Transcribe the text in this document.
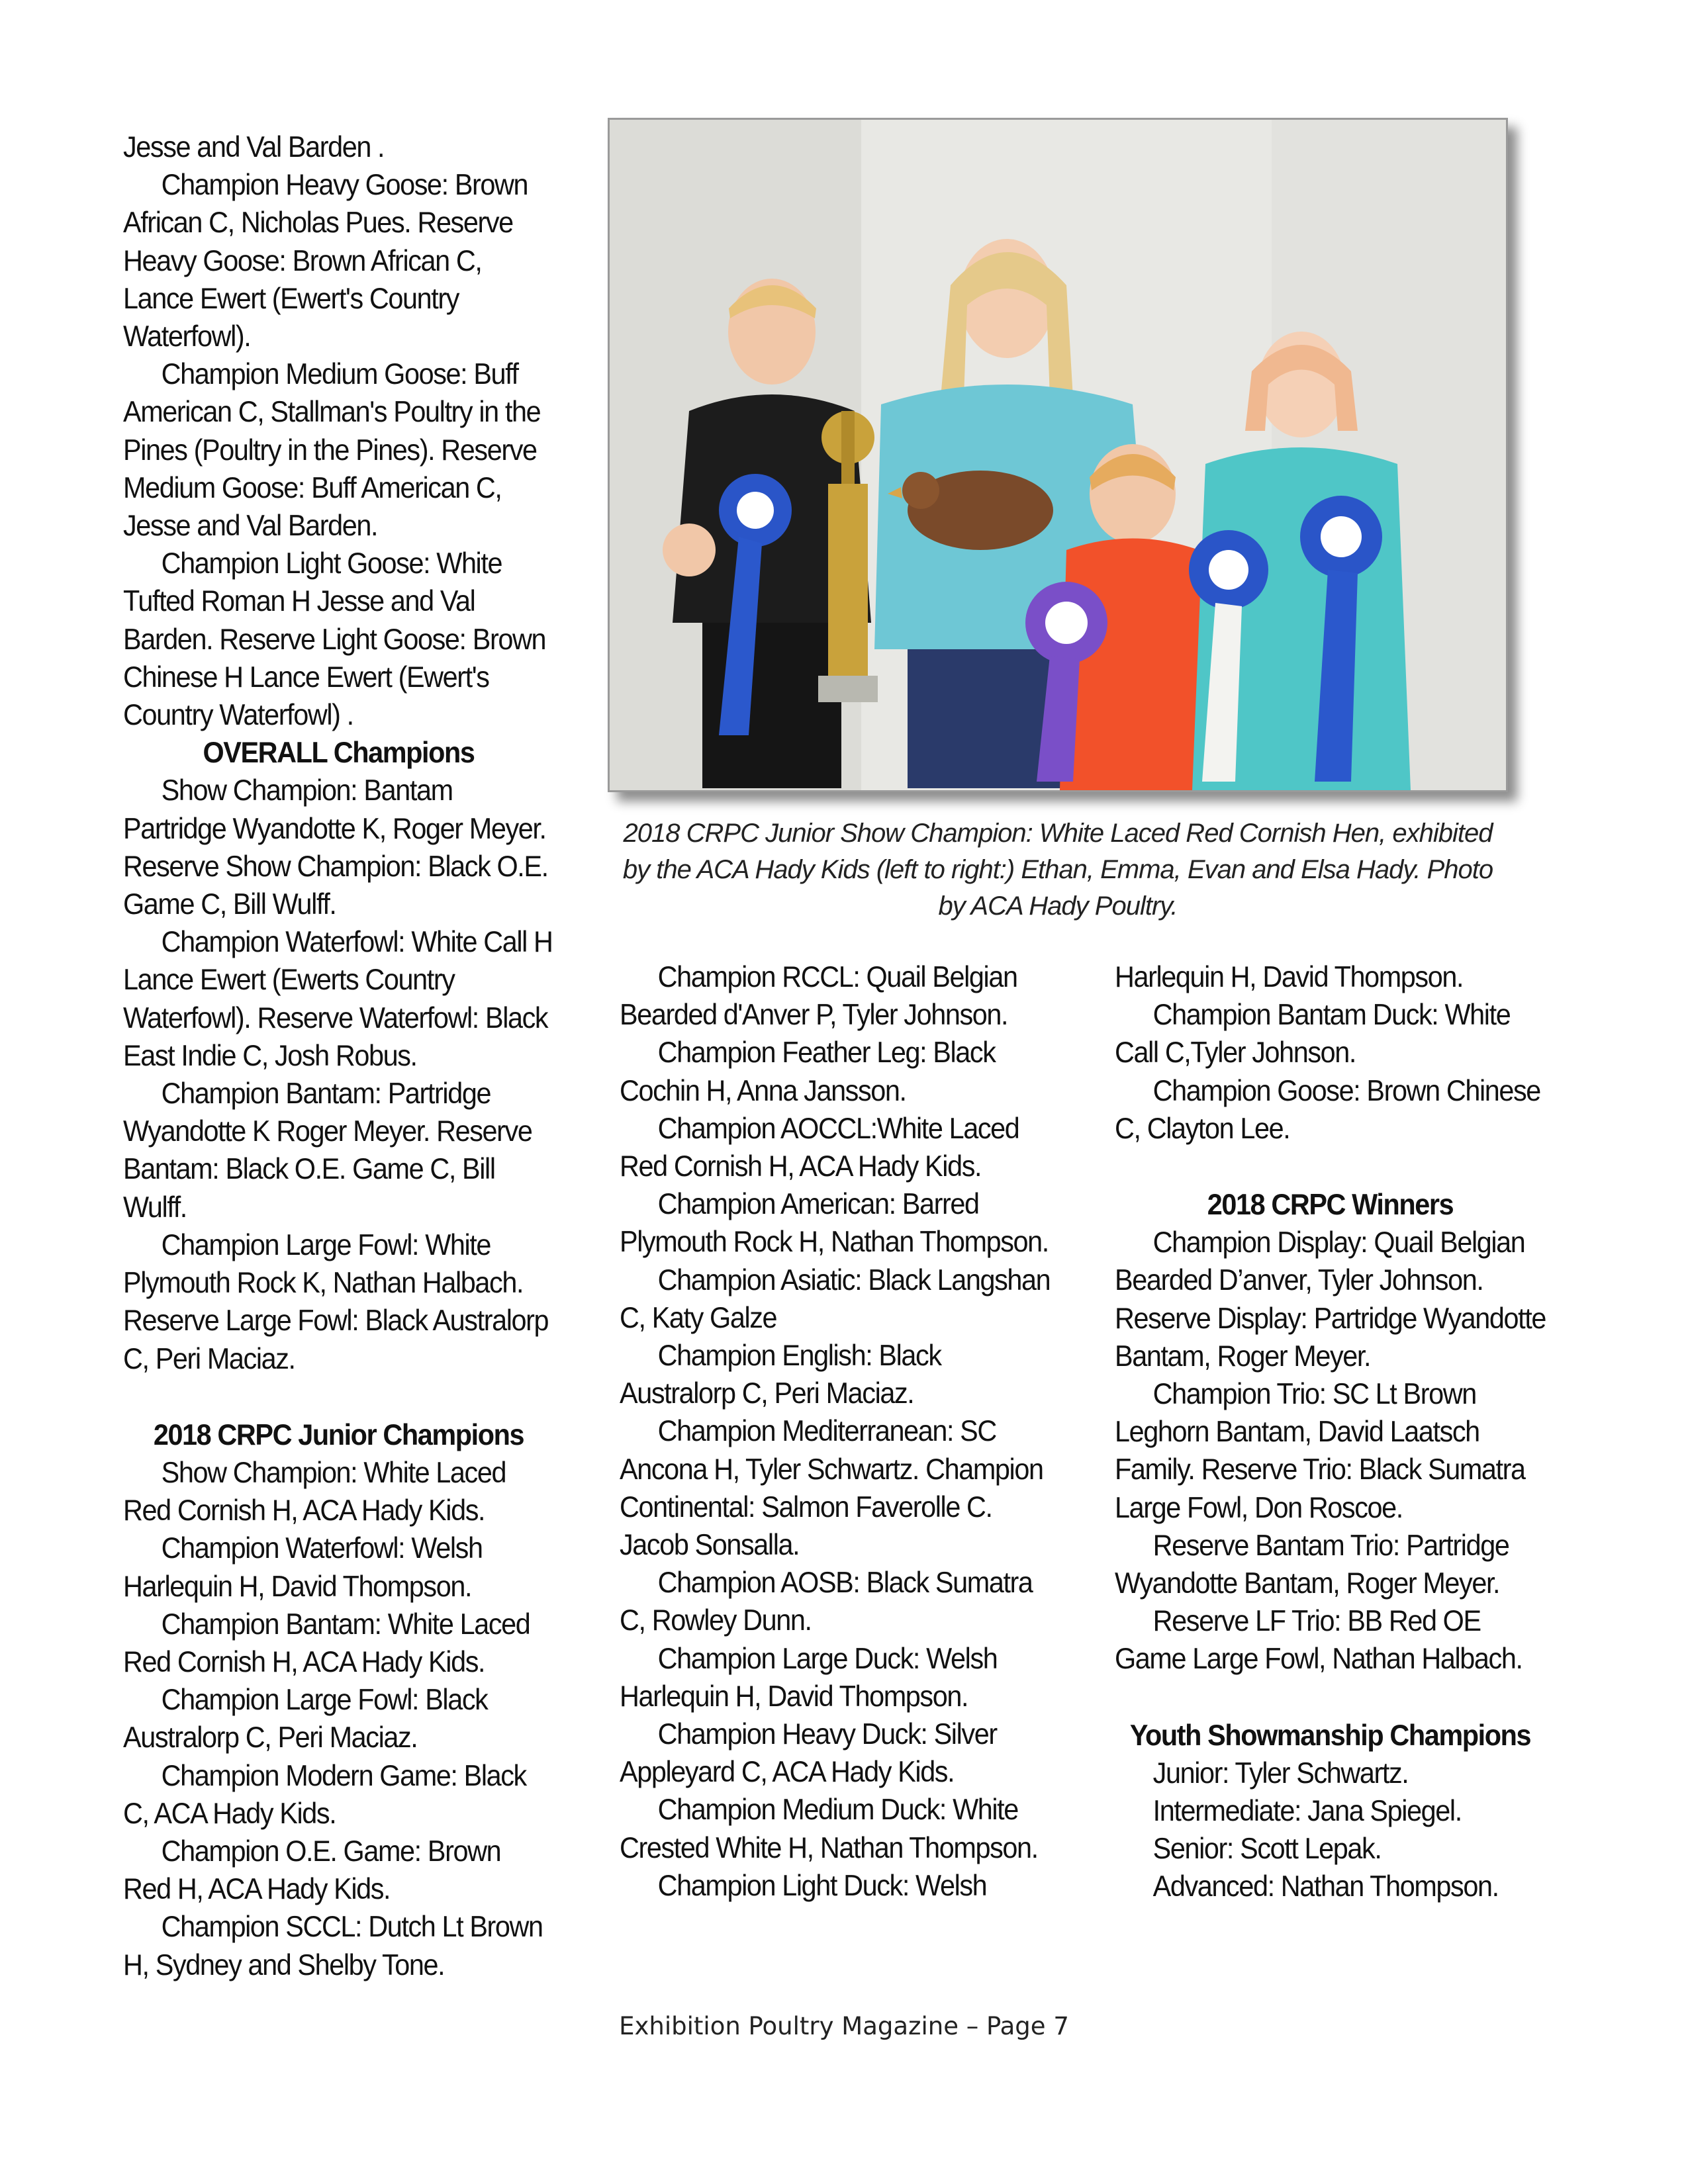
Jesse and Val Barden .

Champion Heavy Goose: Brown African C, Nicholas Pues. Reserve Heavy Goose: Brown African C, Lance Ewert (Ewert's Country Waterfowl).

Champion Medium Goose: Buff American C, Stallman's Poultry in the Pines (Poultry in the Pines). Reserve Medium Goose: Buff American C, Jesse and Val Barden.

Champion Light Goose: White Tufted Roman H Jesse and Val Barden. Reserve Light Goose: Brown Chinese H Lance Ewert (Ewert's Country Waterfowl) .

OVERALL Champions

Show Champion: Bantam Partridge Wyandotte K, Roger Meyer. Reserve Show Champion: Black O.E. Game C, Bill Wulff.

Champion Waterfowl: White Call H Lance Ewert (Ewerts Country Waterfowl). Reserve Waterfowl: Black East Indie C, Josh Robus.

Champion Bantam: Partridge Wyandotte K Roger Meyer. Reserve Bantam: Black O.E. Game C, Bill Wulff.

Champion Large Fowl: White Plymouth Rock K, Nathan Halbach. Reserve Large Fowl: Black Australorp C, Peri Maciaz.

2018 CRPC Junior Champions

Show Champion: White Laced Red Cornish H, ACA Hady Kids.

Champion Waterfowl: Welsh Harlequin H, David Thompson.

Champion Bantam: White Laced Red Cornish H, ACA Hady Kids.

Champion Large Fowl: Black Australorp C, Peri Maciaz.

Champion Modern Game: Black C, ACA Hady Kids.

Champion O.E. Game: Brown Red H, ACA Hady Kids.

Champion SCCL: Dutch Lt Brown H, Sydney and Shelby Tone.

2018 CRPC Junior Show Champion: White Laced Red Cornish Hen, exhibited by the ACA Hady Kids (left to right:) Ethan, Emma, Evan and Elsa Hady. Photo by ACA Hady Poultry.

Champion RCCL: Quail Belgian Bearded d'Anver P, Tyler Johnson.

Champion Feather Leg: Black Cochin H, Anna Jansson.

Champion AOCCL:White Laced Red Cornish H, ACA Hady Kids.

Champion American: Barred Plymouth Rock H, Nathan Thompson.

Champion Asiatic: Black Langshan C, Katy Galze

Champion English: Black Australorp C, Peri Maciaz.

Champion Mediterranean: SC Ancona H, Tyler Schwartz. Champion Continental: Salmon Faverolle C. Jacob Sonsalla.

Champion AOSB: Black Sumatra C, Rowley Dunn.

Champion Large Duck: Welsh Harlequin H, David Thompson.

Champion Heavy Duck: Silver Appleyard C, ACA Hady Kids.

Champion Medium Duck: White Crested White H, Nathan Thompson.

Champion Light Duck: Welsh

Harlequin H, David Thompson.

Champion Bantam Duck: White Call C,Tyler Johnson.

Champion Goose: Brown Chinese C, Clayton Lee.

2018 CRPC Winners

Champion Display: Quail Belgian Bearded D’anver, Tyler Johnson. Reserve Display: Partridge Wyandotte Bantam, Roger Meyer.

Champion Trio: SC Lt Brown Leghorn Bantam, David Laatsch Family. Reserve Trio: Black Sumatra Large Fowl, Don Roscoe.

Reserve Bantam Trio: Partridge Wyandotte Bantam, Roger Meyer.

Reserve LF Trio: BB Red OE Game Large Fowl, Nathan Halbach.

Youth Showmanship Champions

Junior: Tyler Schwartz.

Intermediate: Jana Spiegel.

Senior: Scott Lepak.

Advanced: Nathan Thompson.

Exhibition Poultry Magazine – Page 7
